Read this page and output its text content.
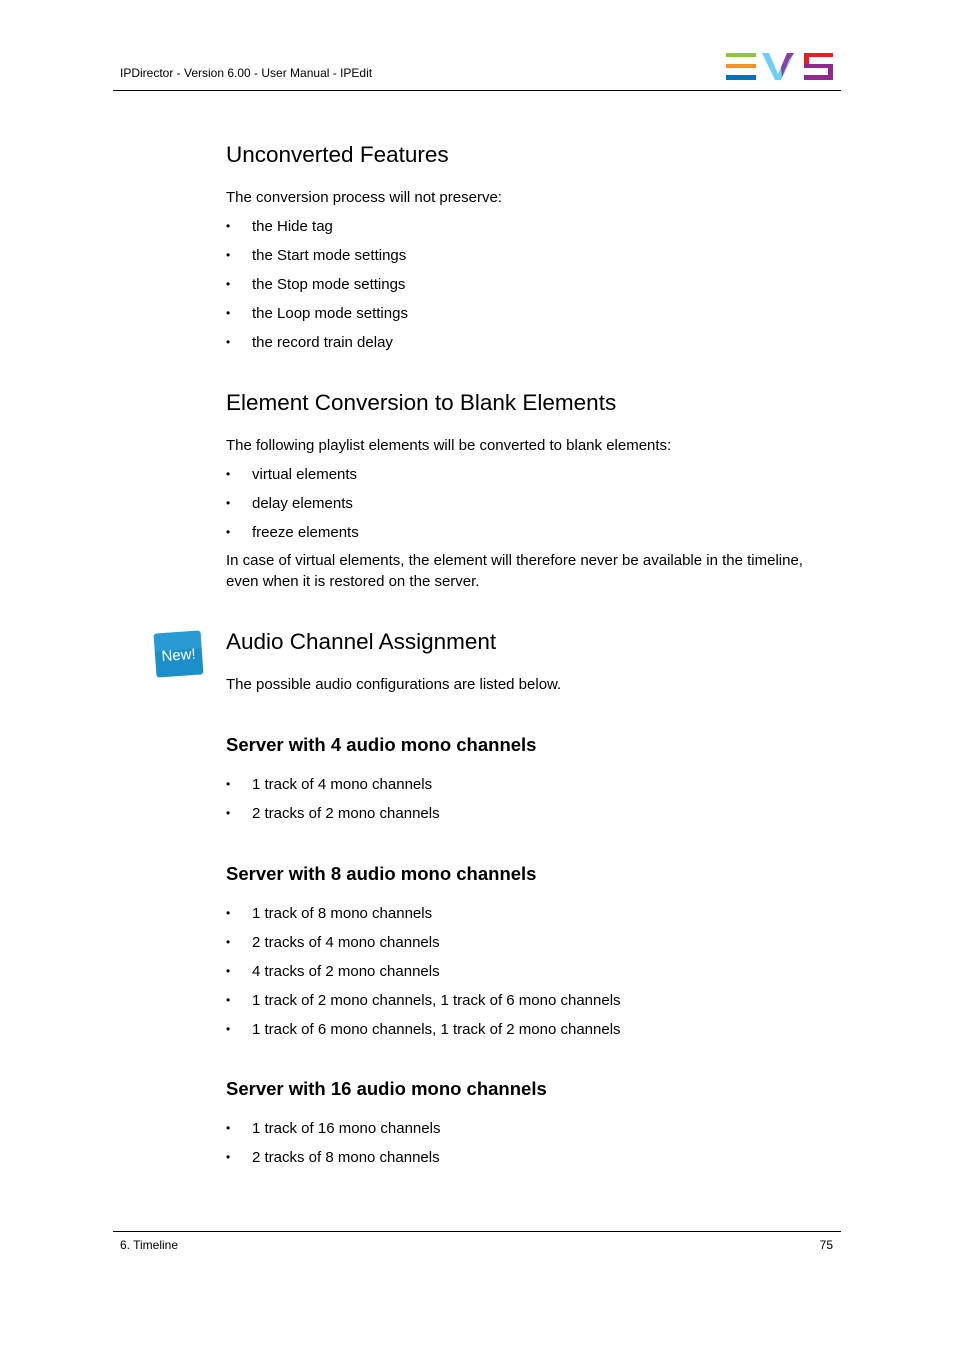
IPDirector - Version 6.00 - User Manual - IPEdit
New!
Unconverted Features
The conversion process will not preserve:
• the Hide tag
• the Start mode settings
• the Stop mode settings
• the Loop mode settings
• the record train delay
Element Conversion to Blank Elements
The following playlist elements will be converted to blank elements:
• virtual elements
• delay elements
• freeze elements
In case of virtual elements, the element will therefore never be available in the timeline, even when it is restored on the server.
Audio Channel Assignment
The possible audio configurations are listed below.
Server with 4 audio mono channels
• 1 track of 4 mono channels
• 2 tracks of 2 mono channels
Server with 8 audio mono channels
• 1 track of 8 mono channels
• 2 tracks of 4 mono channels
• 4 tracks of 2 mono channels
• 1 track of 2 mono channels, 1 track of 6 mono channels
• 1 track of 6 mono channels, 1 track of 2 mono channels
Server with 16 audio mono channels
• 1 track of 16 mono channels
• 2 tracks of 8 mono channels
6. Timeline	75
